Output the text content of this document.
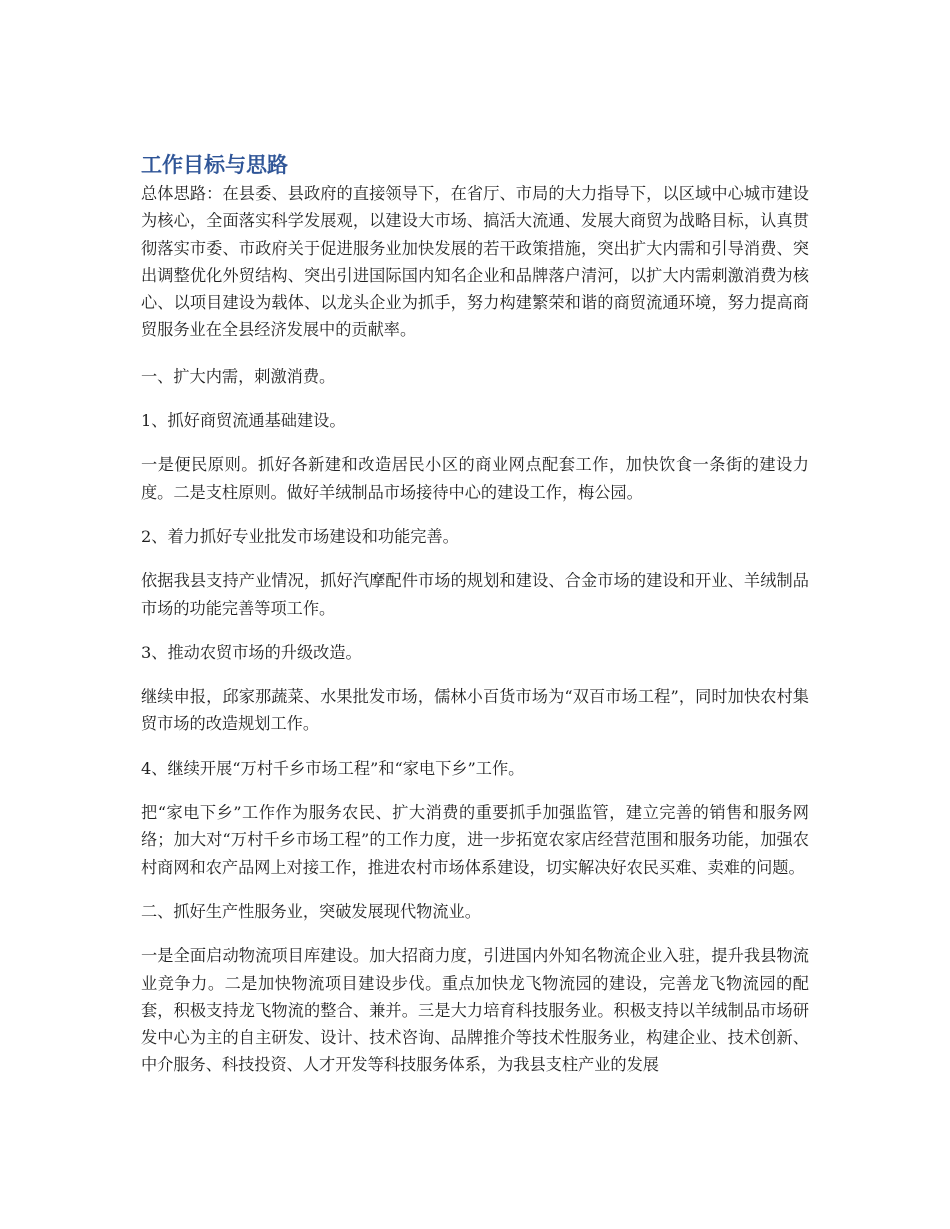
工作目标与思路

总体思路：在县委、县政府的直接领导下，在省厅、市局的大力指导下，以区域中心城市建设为核心，全面落实科学发展观，以建设大市场、搞活大流通、发展大商贸为战略目标，认真贯彻落实市委、市政府关于促进服务业加快发展的若干政策措施，突出扩大内需和引导消费、突出调整优化外贸结构、突出引进国际国内知名企业和品牌落户清河，以扩大内需刺激消费为核心、以项目建设为载体、以龙头企业为抓手，努力构建繁荣和谐的商贸流通环境，努力提高商贸服务业在全县经济发展中的贡献率。

一、扩大内需，刺激消费。

1、抓好商贸流通基础建设。

一是便民原则。抓好各新建和改造居民小区的商业网点配套工作，加快饮食一条街的建设力度。二是支柱原则。做好羊绒制品市场接待中心的建设工作，梅公园。

2、着力抓好专业批发市场建设和功能完善。

依据我县支持产业情况，抓好汽摩配件市场的规划和建设、合金市场的建设和开业、羊绒制品市场的功能完善等项工作。

3、推动农贸市场的升级改造。

继续申报，邱家那蔬菜、水果批发市场，儒林小百货市场为“双百市场工程”，同时加快农村集贸市场的改造规划工作。

4、继续开展“万村千乡市场工程”和“家电下乡”工作。

把“家电下乡”工作作为服务农民、扩大消费的重要抓手加强监管，建立完善的销售和服务网络；加大对“万村千乡市场工程”的工作力度，进一步拓宽农家店经营范围和服务功能，加强农村商网和农产品网上对接工作，推进农村市场体系建设，切实解决好农民买难、卖难的问题。

二、抓好生产性服务业，突破发展现代物流业。

一是全面启动物流项目库建设。加大招商力度，引进国内外知名物流企业入驻，提升我县物流业竞争力。二是加快物流项目建设步伐。重点加快龙飞物流园的建设，完善龙飞物流园的配套，积极支持龙飞物流的整合、兼并。三是大力培育科技服务业。积极支持以羊绒制品市场研发中心为主的自主研发、设计、技术咨询、品牌推介等技术性服务业，构建企业、技术创新、中介服务、科技投资、人才开发等科技服务体系，为我县支柱产业的发展
